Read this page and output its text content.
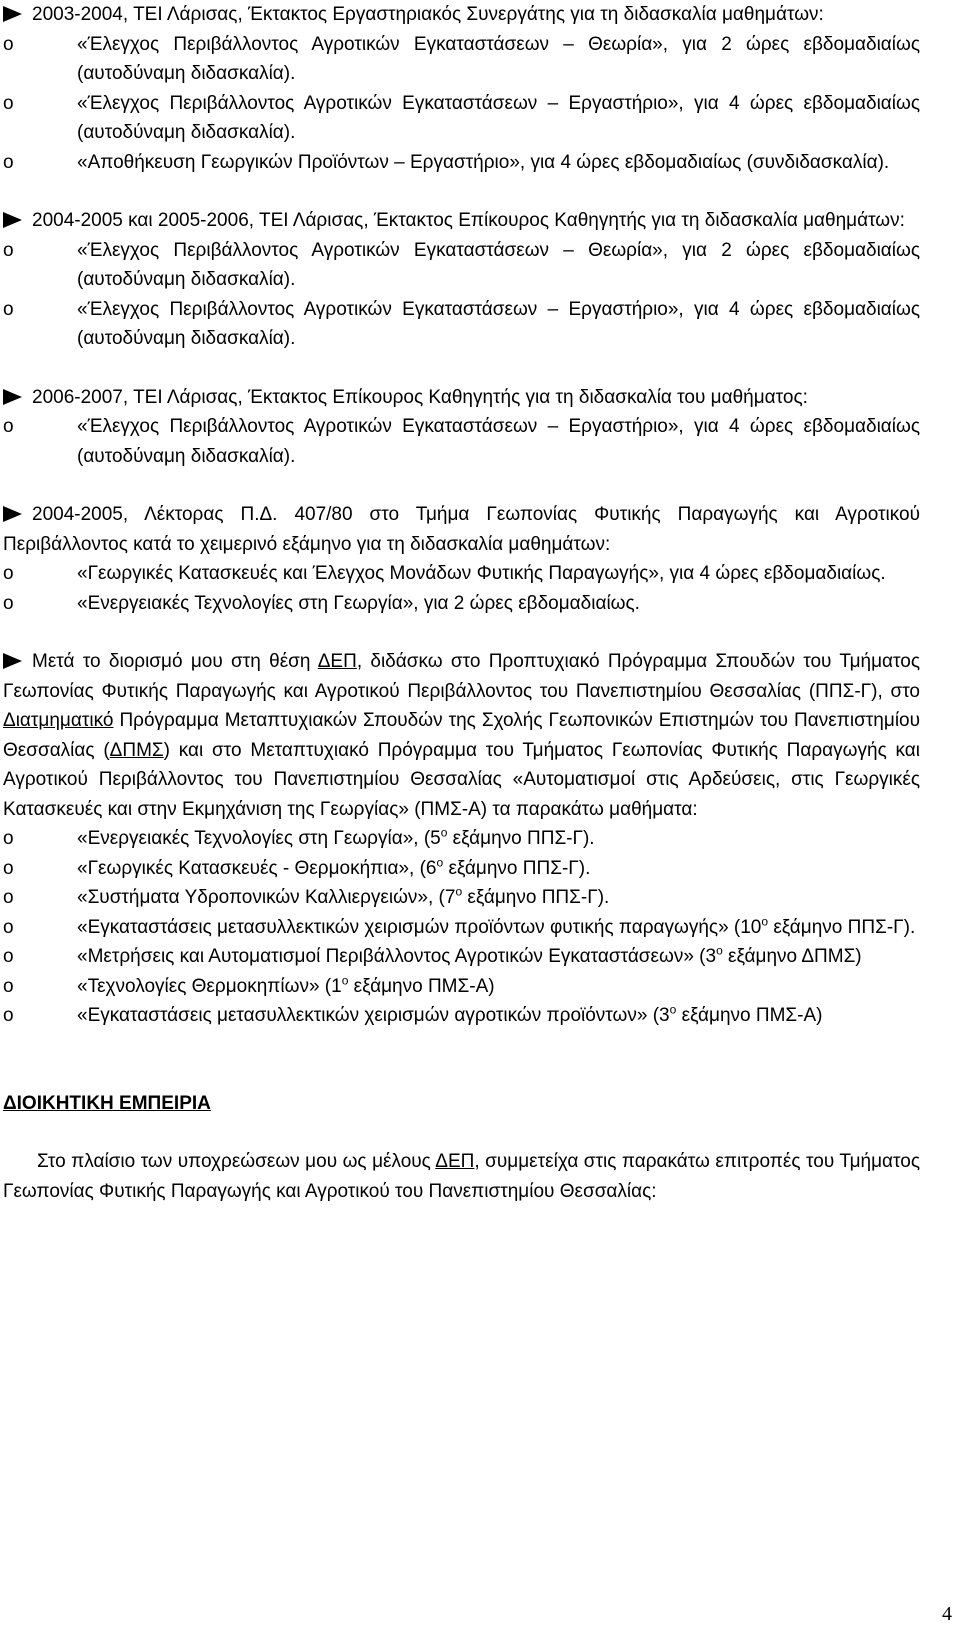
2003-2004, ΤΕΙ Λάρισας, Έκτακτος Εργαστηριακός Συνεργάτης για τη διδασκαλία μαθημάτων:

o	«Έλεγχος Περιβάλλοντος Αγροτικών Εγκαταστάσεων – Θεωρία», για 2 ώρες εβδομαδιαίως (αυτοδύναμη διδασκαλία).
o	«Έλεγχος Περιβάλλοντος Αγροτικών Εγκαταστάσεων – Εργαστήριο», για 4 ώρες εβδομαδιαίως (αυτοδύναμη διδασκαλία).
o	«Αποθήκευση Γεωργικών Προϊόντων – Εργαστήριο», για 4 ώρες εβδομαδιαίως (συνδιδασκαλία).

2004-2005 και 2005-2006, ΤΕΙ Λάρισας, Έκτακτος Επίκουρος Καθηγητής για τη διδασκαλία μαθημάτων:

o	«Έλεγχος Περιβάλλοντος Αγροτικών Εγκαταστάσεων – Θεωρία», για 2 ώρες εβδομαδιαίως (αυτοδύναμη διδασκαλία).
o	«Έλεγχος Περιβάλλοντος Αγροτικών Εγκαταστάσεων – Εργαστήριο», για 4 ώρες εβδομαδιαίως (αυτοδύναμη διδασκαλία).

2006-2007, ΤΕΙ Λάρισας, Έκτακτος Επίκουρος Καθηγητής για τη διδασκαλία του μαθήματος:

o	«Έλεγχος Περιβάλλοντος Αγροτικών Εγκαταστάσεων – Εργαστήριο», για 4 ώρες εβδομαδιαίως (αυτοδύναμη διδασκαλία).

2004-2005, Λέκτορας Π.Δ. 407/80 στο Τμήμα Γεωπονίας Φυτικής Παραγωγής και Αγροτικού Περιβάλλοντος κατά το χειμερινό εξάμηνο για τη διδασκαλία μαθημάτων:

o	«Γεωργικές Κατασκευές και Έλεγχος Μονάδων Φυτικής Παραγωγής», για 4 ώρες εβδομαδιαίως.
o	«Ενεργειακές Τεχνολογίες στη Γεωργία», για 2 ώρες εβδομαδιαίως.

Μετά το διορισμό μου στη θέση ΔΕΠ, διδάσκω στο Προπτυχιακό Πρόγραμμα Σπουδών του Τμήματος Γεωπονίας Φυτικής Παραγωγής και Αγροτικού Περιβάλλοντος του Πανεπιστημίου Θεσσαλίας (ΠΠΣ-Γ), στο Διατμηματικό Πρόγραμμα Μεταπτυχιακών Σπουδών της Σχολής Γεωπονικών Επιστημών του Πανεπιστημίου Θεσσαλίας (ΔΠΜΣ) και στο Μεταπτυχιακό Πρόγραμμα του Τμήματος Γεωπονίας Φυτικής Παραγωγής και Αγροτικού Περιβάλλοντος του Πανεπιστημίου Θεσσαλίας «Αυτοματισμοί στις Αρδεύσεις, στις Γεωργικές Κατασκευές και στην Εκμηχάνιση της Γεωργίας» (ΠΜΣ-Α) τα παρακάτω μαθήματα:

o	«Ενεργειακές Τεχνολογίες στη Γεωργία», ($5^o$ εξάμηνο ΠΠΣ-Γ).
o	«Γεωργικές Κατασκευές - Θερμοκήπια», ($6^o$ εξάμηνο ΠΠΣ-Γ).
o	«Συστήματα Υδροπονικών Καλλιεργειών», ($7^o$ εξάμηνο ΠΠΣ-Γ).
o	«Εγκαταστάσεις μετασυλλεκτικών χειρισμών προϊόντων φυτικής παραγωγής» ($10^o$ εξάμηνο ΠΠΣ-Γ).
o	«Μετρήσεις και Αυτοματισμοί Περιβάλλοντος Αγροτικών Εγκαταστάσεων» ($3^o$ εξάμηνο ΔΠΜΣ)
o	«Τεχνολογίες Θερμοκηπίων» ($1^o$ εξάμηνο ΠΜΣ-Α)
o	«Εγκαταστάσεις μετασυλλεκτικών χειρισμών αγροτικών προϊόντων» ($3^o$ εξάμηνο ΠΜΣ-Α)

ΔΙΟΙΚΗΤΙΚΗ ΕΜΠΕΙΡΙΑ

Στο πλαίσιο των υποχρεώσεων μου ως μέλους ΔΕΠ, συμμετείχα στις παρακάτω επιτροπές του Τμήματος Γεωπονίας Φυτικής Παραγωγής και Αγροτικού του Πανεπιστημίου Θεσσαλίας:

4
